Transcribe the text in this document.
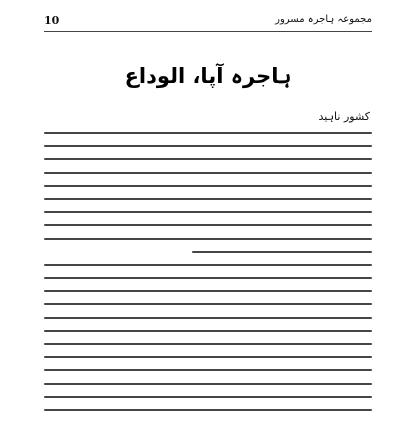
10	مجموعہ ہاجرہ مسرور
ہاجرہ آپا، الوداع
کشور ناہید
